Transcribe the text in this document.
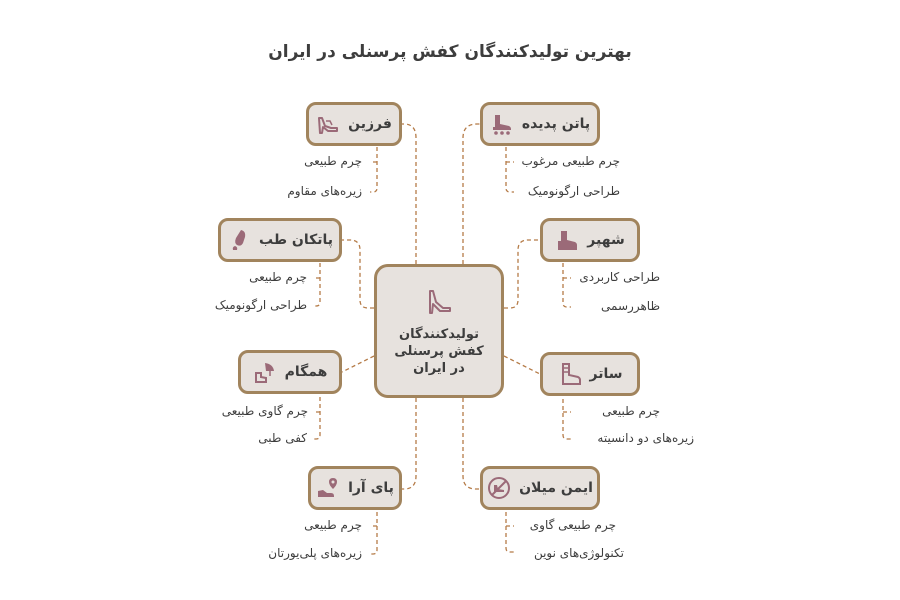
بهترین تولیدکنندگان کفش پرسنلی در ایران
تولیدکنندگان
کفش پرسنلی
در ایران
پاتن پدیده
چرم طبیعی مرغوب
طراحی ارگونومیک
شهپر
طراحی کاربردی
ظاهررسمی
ساتر
چرم طبیعی
زیره‌های دو دانسیته
ایمن میلان
چرم طبیعی گاوی
تکنولوژی‌های نوین
فرزین
چرم طبیعی
زیره‌های مقاوم
پاتکان طب
چرم طبیعی
طراحی ارگونومیک
همگام
چرم گاوی طبیعی
کفی طبی
پای آرا
چرم طبیعی
زیره‌های پلی‌یورتان
